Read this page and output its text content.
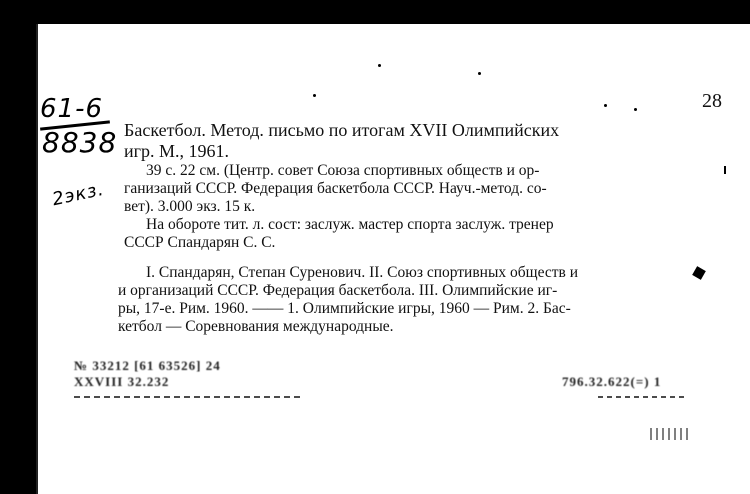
61-6
8838
2экз.
28
Баскетбол. Метод. письмо по итогам XVII Олимпийских
игр. М., 1961.
39 с. 22 см. (Центр. совет Союза спортивных обществ и ор-
ганизаций СССР. Федерация баскетбола СССР. Науч.-метод. со-
вет). 3.000 экз. 15 к.
На обороте тит. л. сост: заслуж. мастер спорта заслуж. тренер
СССР Спандарян С. С.
I. Спандарян, Степан Суренович. II. Союз спортивных обществ и
и организаций СССР. Федерация баскетбола. III. Олимпийские иг-
ры, 17-е. Рим. 1960. —— 1. Олимпийские игры, 1960 — Рим. 2. Бас-
кетбол — Соревнования международные.
№ 33212 [61 63526] 24
XXVIII 32.232	796.32.622(=) 1
